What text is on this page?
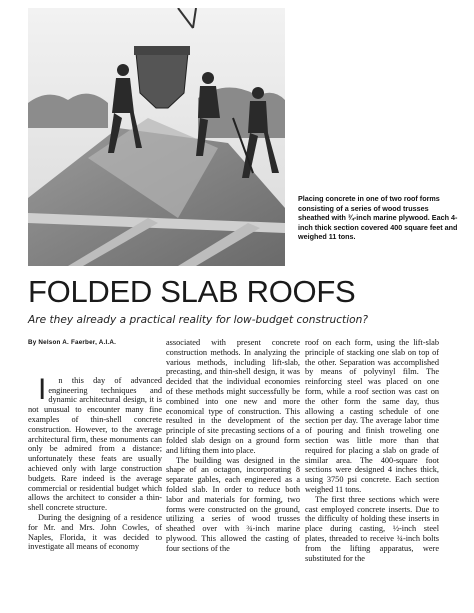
Placing concrete in one of two roof forms consisting of a series of wood trusses sheathed with ¾-inch marine plywood. Each 4-inch thick section covered 400 square feet and weighed 11 tons.
FOLDED SLAB ROOFS

Are they already a practical reality for low-budget construction?

By Nelson A. Faerber, A.I.A.

I n this day of advanced engineering techniques and dynamic architectural design, it is not unusual to encounter many fine examples of thin-shell concrete construction. However, to the average architectural firm, these monuments can only be admired from a distance; unfortunately these feats are usually achieved only with large construction budgets. Rare indeed is the average commercial or residential budget which allows the architect to consider a thin-shell concrete structure.

During the designing of a residence for Mr. and Mrs. John Cowles, of Naples, Florida, it was decided to investigate all means of economy

associated with present concrete construction methods. In analyzing the various methods, including lift-slab, precasting, and thin-shell design, it was decided that the individual economies of these methods might successfully be combined into one new and more economical type of construction. This resulted in the development of the principle of site precasting sections of a folded slab design on a ground form and lifting them into place.

The building was designed in the shape of an octagon, incorporating 8 separate gables, each engineered as a folded slab. In order to reduce both labor and materials for forming, two forms were constructed on the ground, utilizing a series of wood trusses sheathed over with ¾-inch marine plywood. This allowed the casting of four sections of the

roof on each form, using the lift-slab principle of stacking one slab on top of the other. Separation was accomplished by means of polyvinyl film. The reinforcing steel was placed on one form, while a roof section was cast on the other form the same day, thus allowing a casting schedule of one section per day. The average labor time of pouring and finish troweling one section was little more than that required for placing a slab on grade of similar area. The 400-square foot sections were designed 4 inches thick, using 3750 psi concrete. Each section weighed 11 tons.

The first three sections which were cast employed concrete inserts. Due to the difficulty of holding these inserts in place during casting, ½-inch steel plates, threaded to receive ¾-inch bolts from the lifting apparatus, were substituted for the
